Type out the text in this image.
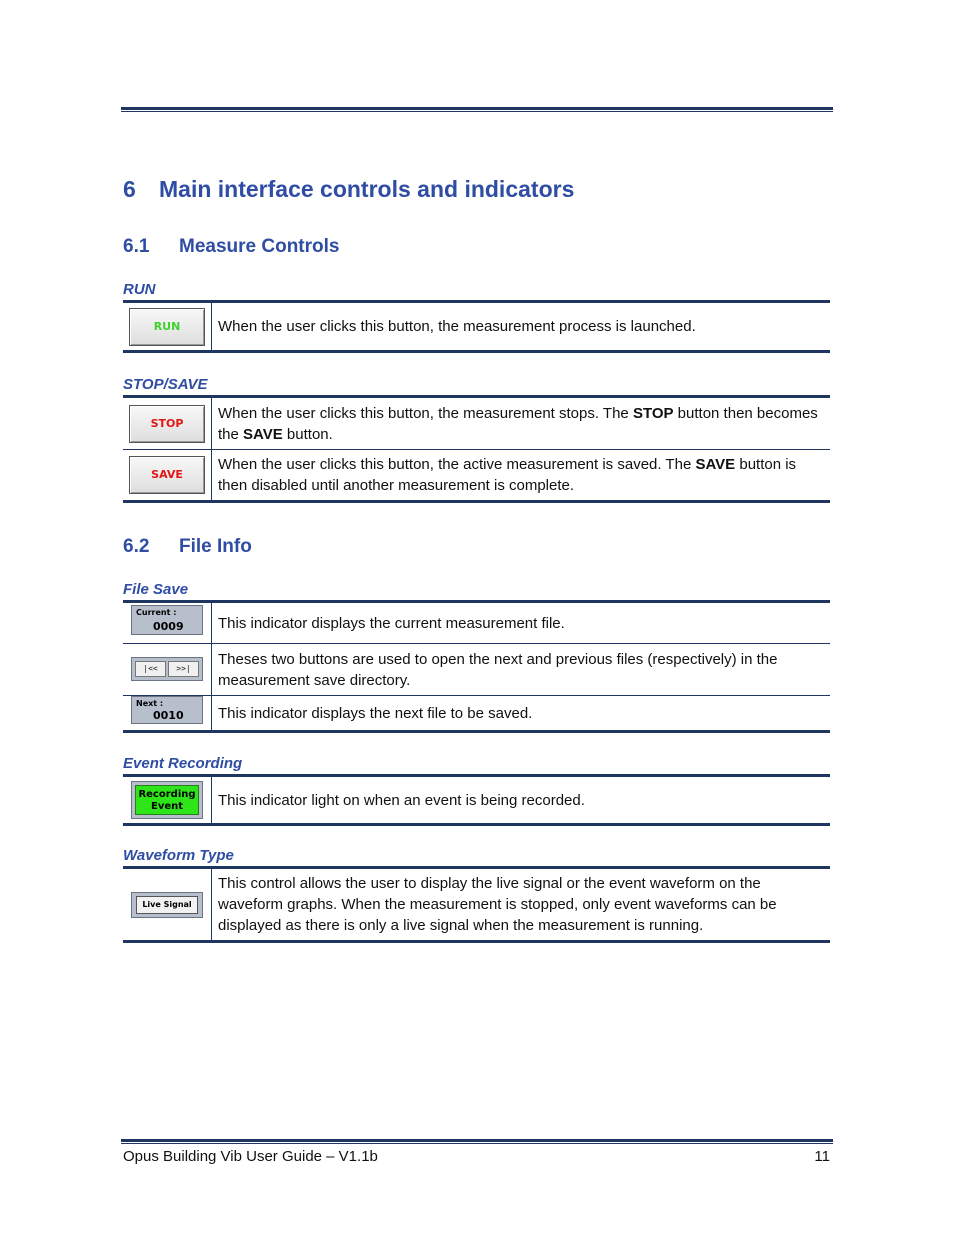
6 Main interface controls and indicators
6.1 Measure Controls

RUN

RUN	When the user clicks this button, the measurement process is launched.

STOP/SAVE

STOP	When the user clicks this button, the measurement stops. The STOP button then becomes the SAVE button.
SAVE	When the user clicks this button, the active measurement is saved. The SAVE button is then disabled until another measurement is complete.
6.2 File Info

File Save

Current :
0009	This indicator displays the current measurement file.
|<< >>|	Theses two buttons are used to open the next and previous files (respectively) in the measurement save directory.

Next :
0010	This indicator displays the next file to be saved.

Event Recording

Recording
Event	This indicator light on when an event is being recorded.

Waveform Type

Live Signal
	This control allows the user to display the live signal or the event waveform on the waveform graphs. When the measurement is stopped, only event waveforms can be displayed as there is only a live signal when the measurement is running.
Opus Building Vib User Guide – V1.1b	11
